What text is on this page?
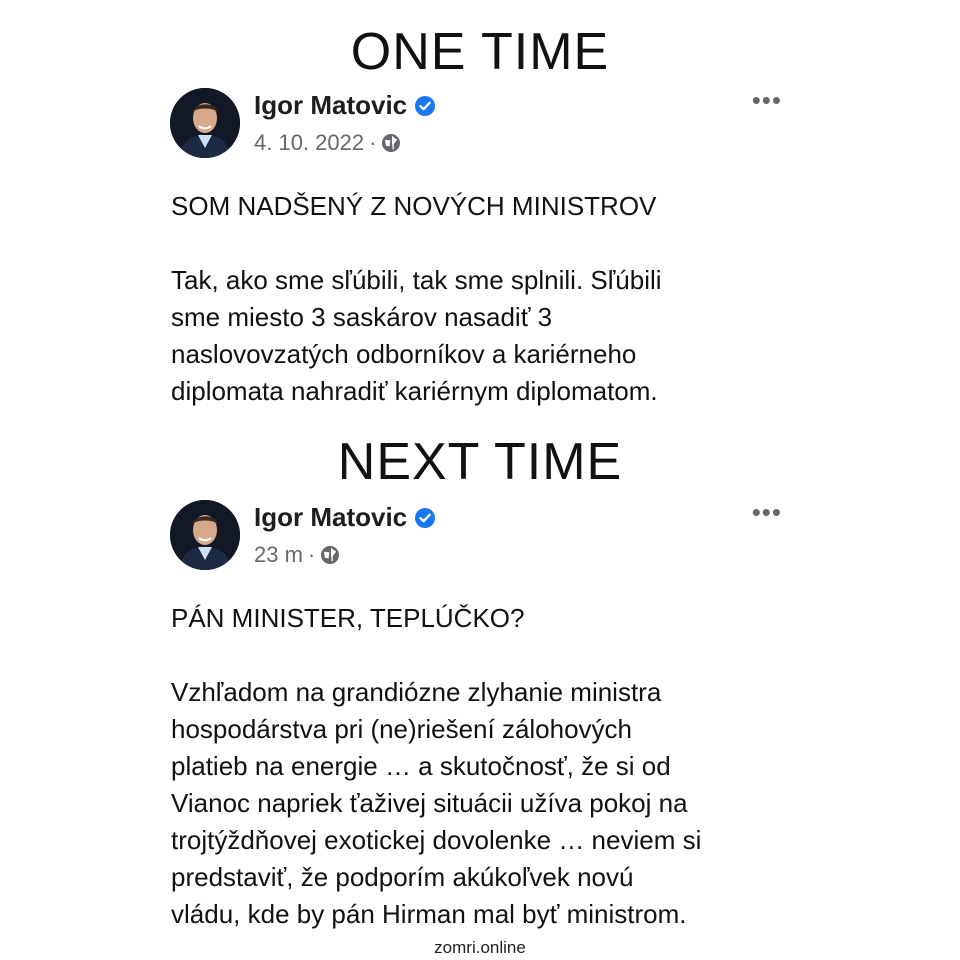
ONE TIME
Igor Matovic
4. 10. 2022 ·
•••

SOM NADŠENÝ Z NOVÝCH MINISTROV

Tak, ako sme sľúbili, tak sme splnili. Sľúbili

sme miesto 3 saskárov nasadiť 3

naslovovzatých odborníkov a kariérneho

diplomata nahradiť kariérnym diplomatom.

NEXT TIME
Igor Matovic
23 m ·
•••

PÁN MINISTER, TEPLÚČKO?

Vzhľadom na grandiózne zlyhanie ministra

hospodárstva pri (ne)riešení zálohových

platieb na energie … a skutočnosť, že si od

Vianoc napriek ťaživej situácii užíva pokoj na

trojtýždňovej exotickej dovolenke … neviem si

predstaviť, že podporím akúkoľvek novú

vládu, kde by pán Hirman mal byť ministrom.

zomri.online
